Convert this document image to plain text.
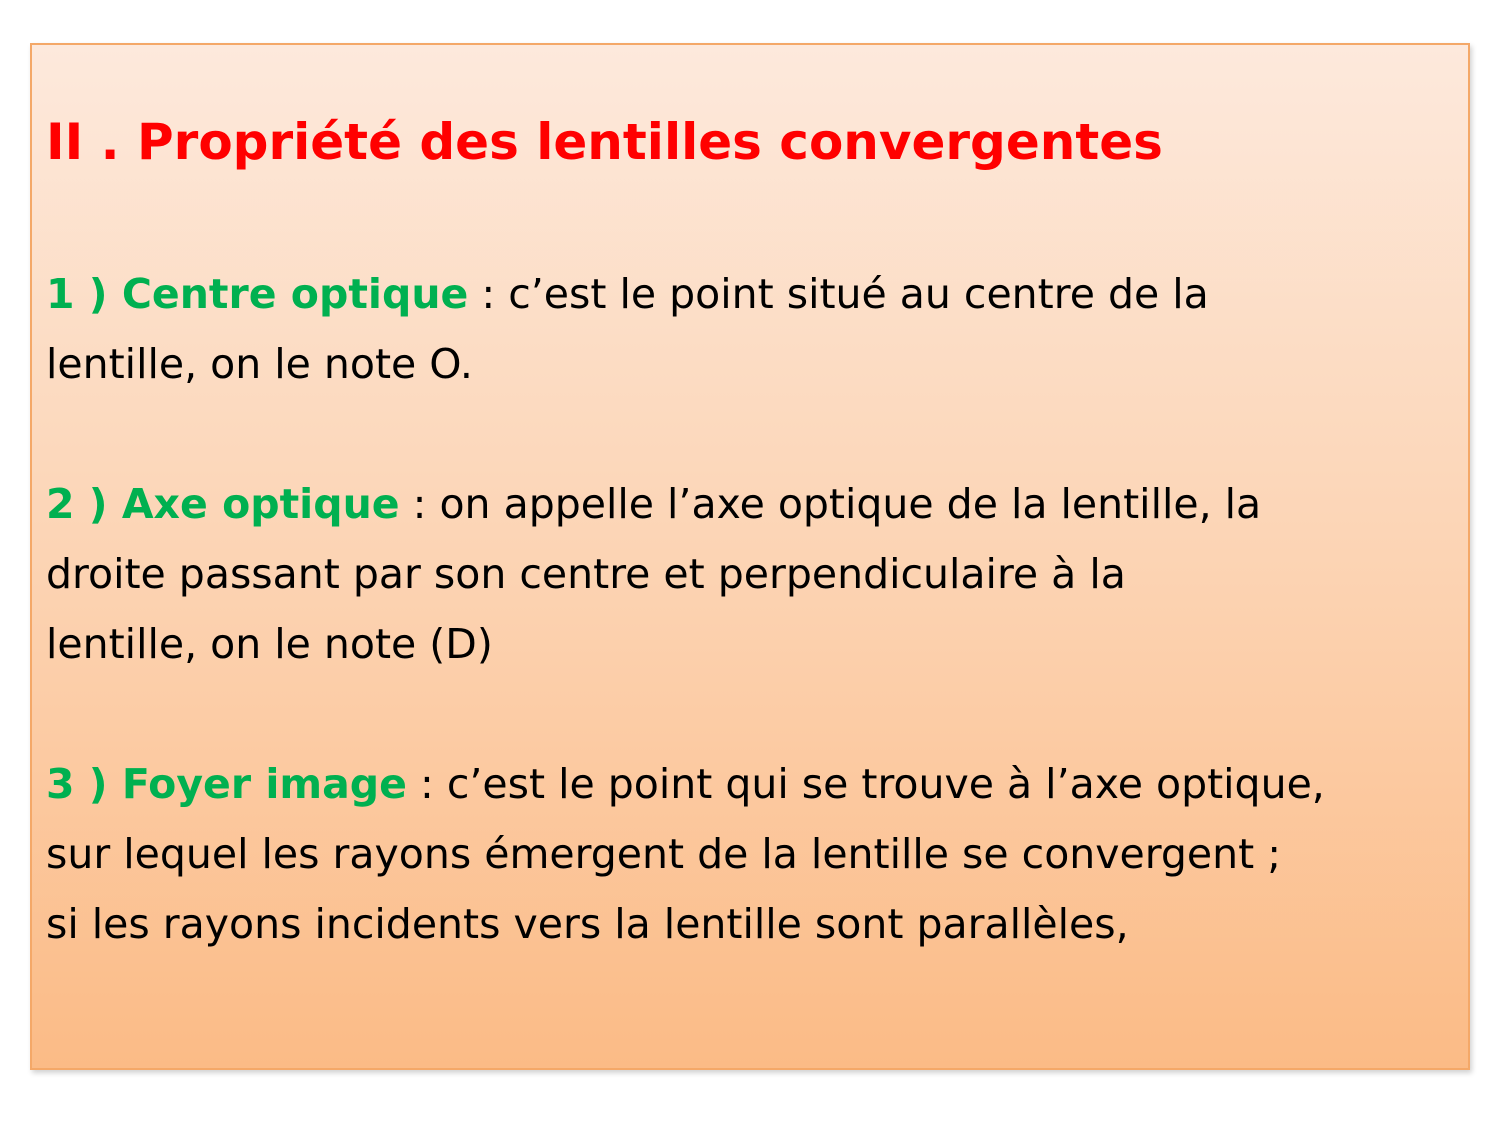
II . Propriété des lentilles convergentes

1 ) Centre optique : c’est le point situé au centre de la
lentille, on le note O.

2 ) Axe optique : on appelle l’axe optique de la lentille, la
droite passant par son centre et perpendiculaire à la
lentille, on le note (D)

3 ) Foyer image : c’est le point qui se trouve à l’axe optique,
sur lequel les rayons émergent de la lentille se convergent ;
si les rayons incidents vers la lentille sont parallèles,
